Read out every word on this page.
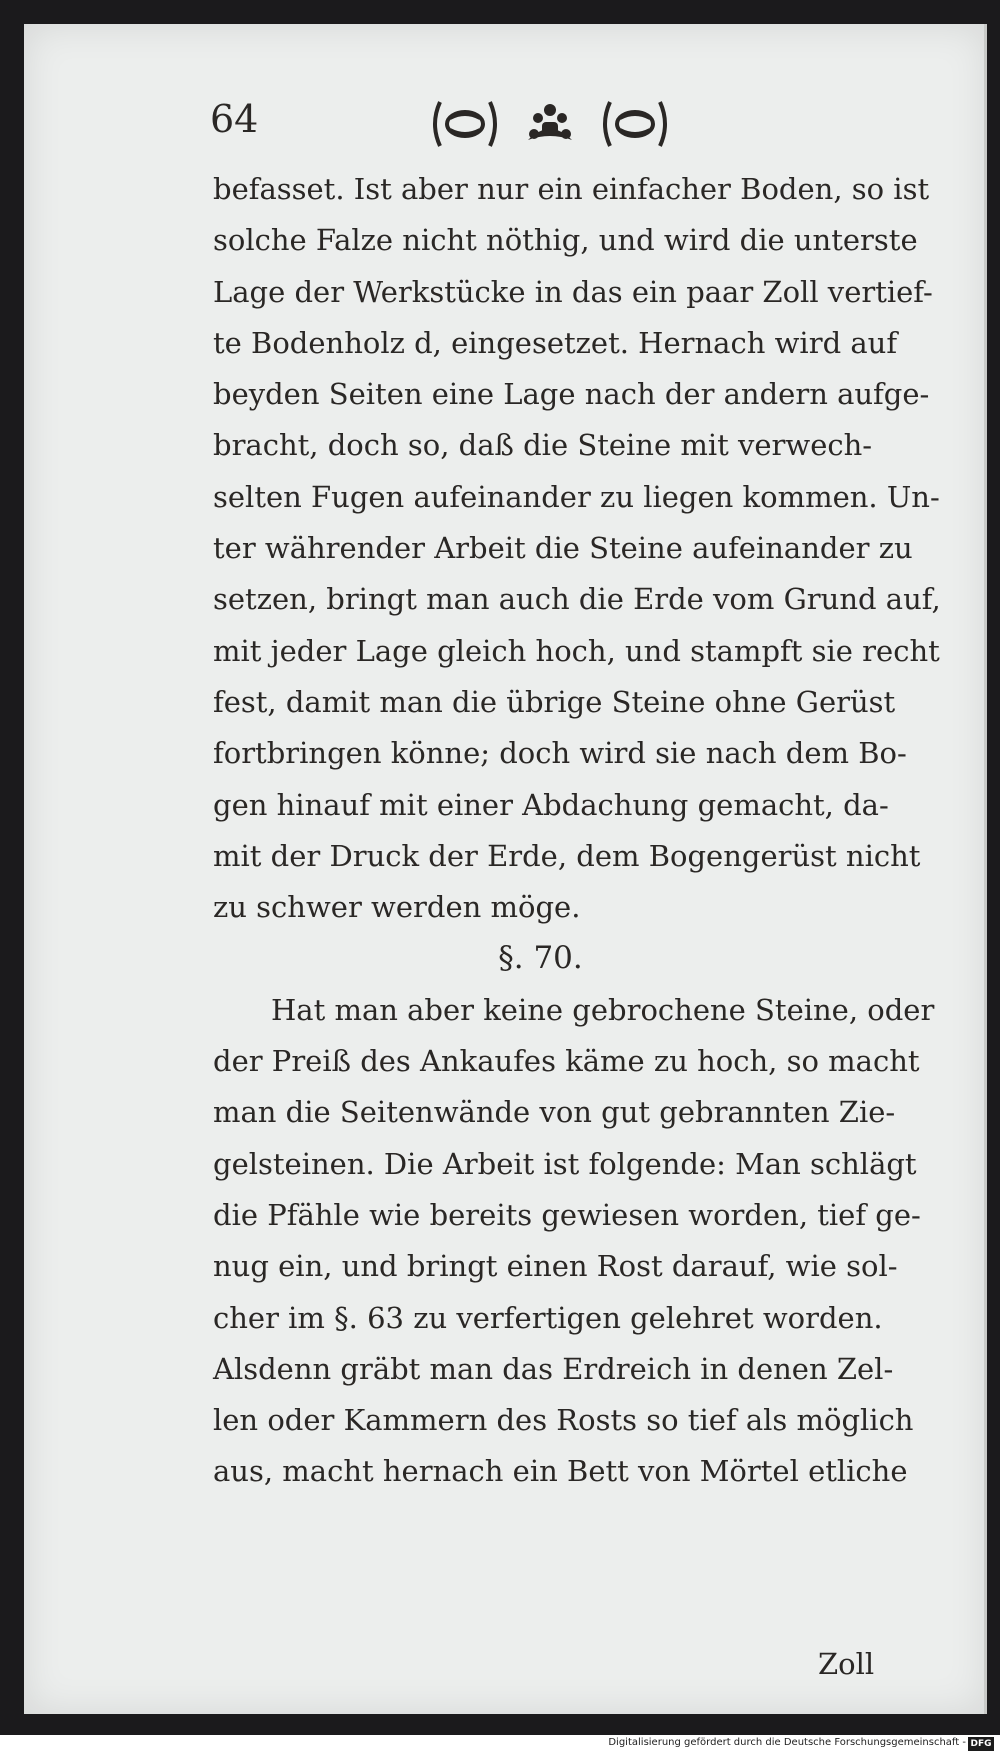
64
befasset. Ist aber nur ein einfacher Boden, so ist
solche Falze nicht nöthig, und wird die unterste
Lage der Werkstücke in das ein paar Zoll vertief-
te Bodenholz d, eingesetzet. Hernach wird auf
beyden Seiten eine Lage nach der andern aufge-
bracht, doch so, daß die Steine mit verwech-
selten Fugen aufeinander zu liegen kommen. Un-
ter währender Arbeit die Steine aufeinander zu
setzen, bringt man auch die Erde vom Grund auf,
mit jeder Lage gleich hoch, und stampft sie recht
fest, damit man die übrige Steine ohne Gerüst
fortbringen könne; doch wird sie nach dem Bo-
gen hinauf mit einer Abdachung gemacht, da-
mit der Druck der Erde, dem Bogengerüst nicht
zu schwer werden möge.
§. 70.
Hat man aber keine gebrochene Steine, oder
der Preiß des Ankaufes käme zu hoch, so macht
man die Seitenwände von gut gebrannten Zie-
gelsteinen. Die Arbeit ist folgende: Man schlägt
die Pfähle wie bereits gewiesen worden, tief ge-
nug ein, und bringt einen Rost darauf, wie sol-
cher im §. 63 zu verfertigen gelehret worden.
Alsdenn gräbt man das Erdreich in denen Zel-
len oder Kammern des Rosts so tief als möglich
aus, macht hernach ein Bett von Mörtel etliche
Zoll
Digitalisierung gefördert durch die Deutsche Forschungsgemeinschaft - DFG
